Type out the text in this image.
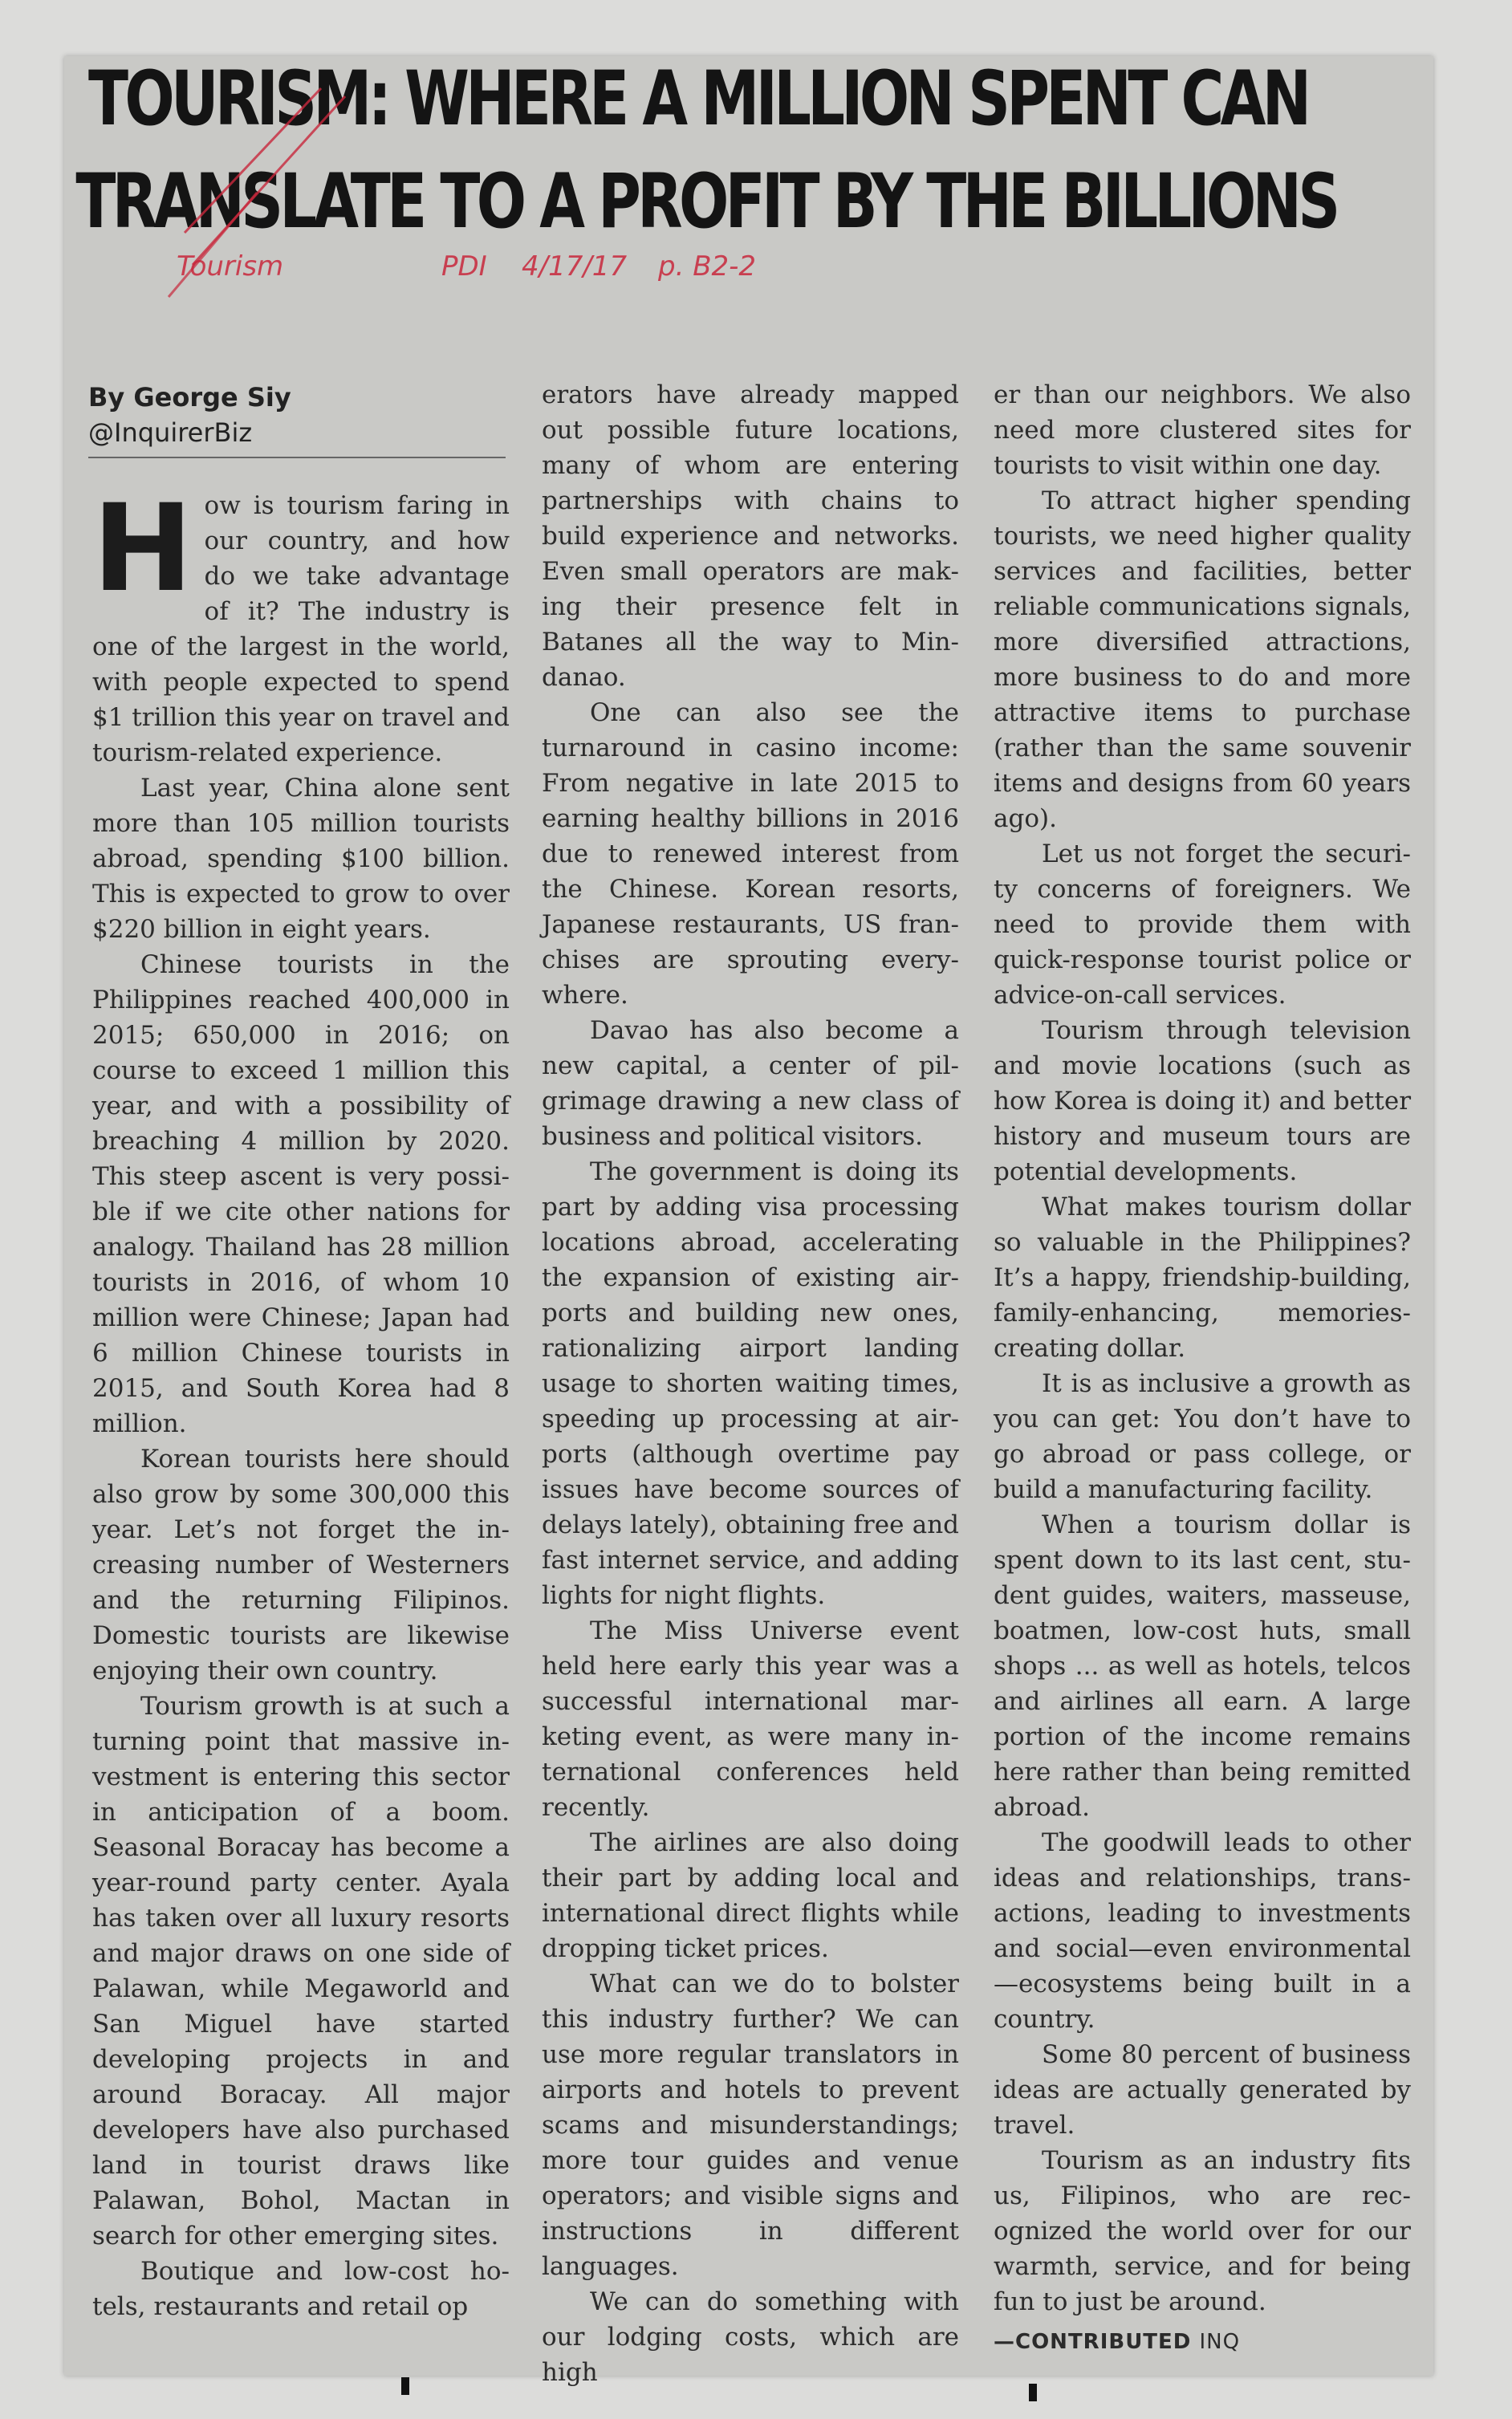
TOURISM: WHERE A MILLION SPENT CAN
TRANSLATE TO A PROFIT BY THE BILLIONS
Tourism	PDI 4/17/17 p. B2-2
By George Siy
@InquirerBiz

How is tourism faring in our country, and how do we take advantage of it? The industry is one of the largest in the world, with people expected to spend $1 trillion this year on travel and tourism-related experience.

Last year, China alone sent more than 105 million tourists abroad, spending $100 billion. This is expected to grow to over $220 billion in eight years.

Chinese tourists in the Philippines reached 400,000 in 2015; 650,000 in 2016; on course to exceed 1 million this year, and with a possibility of breaching 4 million by 2020. This steep ascent is very possible if we cite other nations for analogy. Thailand has 28 million tourists in 2016, of whom 10 million were Chinese; Japan had 6 million Chinese tourists in 2015, and South Korea had 8 million.

Korean tourists here should also grow by some 300,000 this year. Let’s not forget the increasing number of Westerners and the returning Filipinos. Domestic tourists are likewise enjoying their own country.

Tourism growth is at such a turning point that massive investment is entering this sector in anticipation of a boom. Seasonal Boracay has become a year-round party center. Ayala has taken over all luxury resorts and major draws on one side of Palawan, while Megaworld and San Miguel have started developing projects in and around Boracay. All major developers have also purchased land in tourist draws like Palawan, Bohol, Mactan in search for other emerging sites.

Boutique and low-cost hotels, restaurants and retail op

erators have already mapped out possible future locations, many of whom are entering partnerships with chains to build experience and networks. Even small operators are making their presence felt in Batanes all the way to Mindanao.

One can also see the turnaround in casino income: From negative in late 2015 to earning healthy billions in 2016 due to renewed interest from the Chinese. Korean resorts, Japanese restaurants, US franchises are sprouting everywhere.

Davao has also become a new capital, a center of pilgrimage drawing a new class of business and political visitors.

The government is doing its part by adding visa processing locations abroad, accelerating the expansion of existing airports and building new ones, rationalizing airport landing usage to shorten waiting times, speeding up processing at airports (although overtime pay issues have become sources of delays lately), obtaining free and fast internet service, and adding lights for night flights.

The Miss Universe event held here early this year was a successful international marketing event, as were many international conferences held recently.

The airlines are also doing their part by adding local and international direct flights while dropping ticket prices.

What can we do to bolster this industry further? We can use more regular translators in airports and hotels to prevent scams and misunderstandings; more tour guides and venue operators; and visible signs and instructions in different languages.

We can do something with our lodging costs, which are high

er than our neighbors. We also need more clustered sites for tourists to visit within one day.

To attract higher spending tourists, we need higher quality services and facilities, better reliable communications signals, more diversified attractions, more business to do and more attractive items to purchase (rather than the same souvenir items and designs from 60 years ago).

Let us not forget the security concerns of foreigners. We need to provide them with quick-response tourist police or advice-on-call services.

Tourism through television and movie locations (such as how Korea is doing it) and better history and museum tours are potential developments.

What makes tourism dollar so valuable in the Philippines? It’s a happy, friendship-building, family-enhancing, memories-creating dollar.

It is as inclusive a growth as you can get: You don’t have to go abroad or pass college, or build a manufacturing facility.

When a tourism dollar is spent down to its last cent, student guides, waiters, masseuse, boatmen, low-cost huts, small shops ... as well as hotels, telcos and airlines all earn. A large portion of the income remains here rather than being remitted abroad.

The goodwill leads to other ideas and relationships, transactions, leading to investments and social—even environmental—ecosystems being built in a country.

Some 80 percent of business ideas are actually generated by travel.

Tourism as an industry fits us, Filipinos, who are recognized the world over for our warmth, service, and for being fun to just be around.

—CONTRIBUTED INQ
